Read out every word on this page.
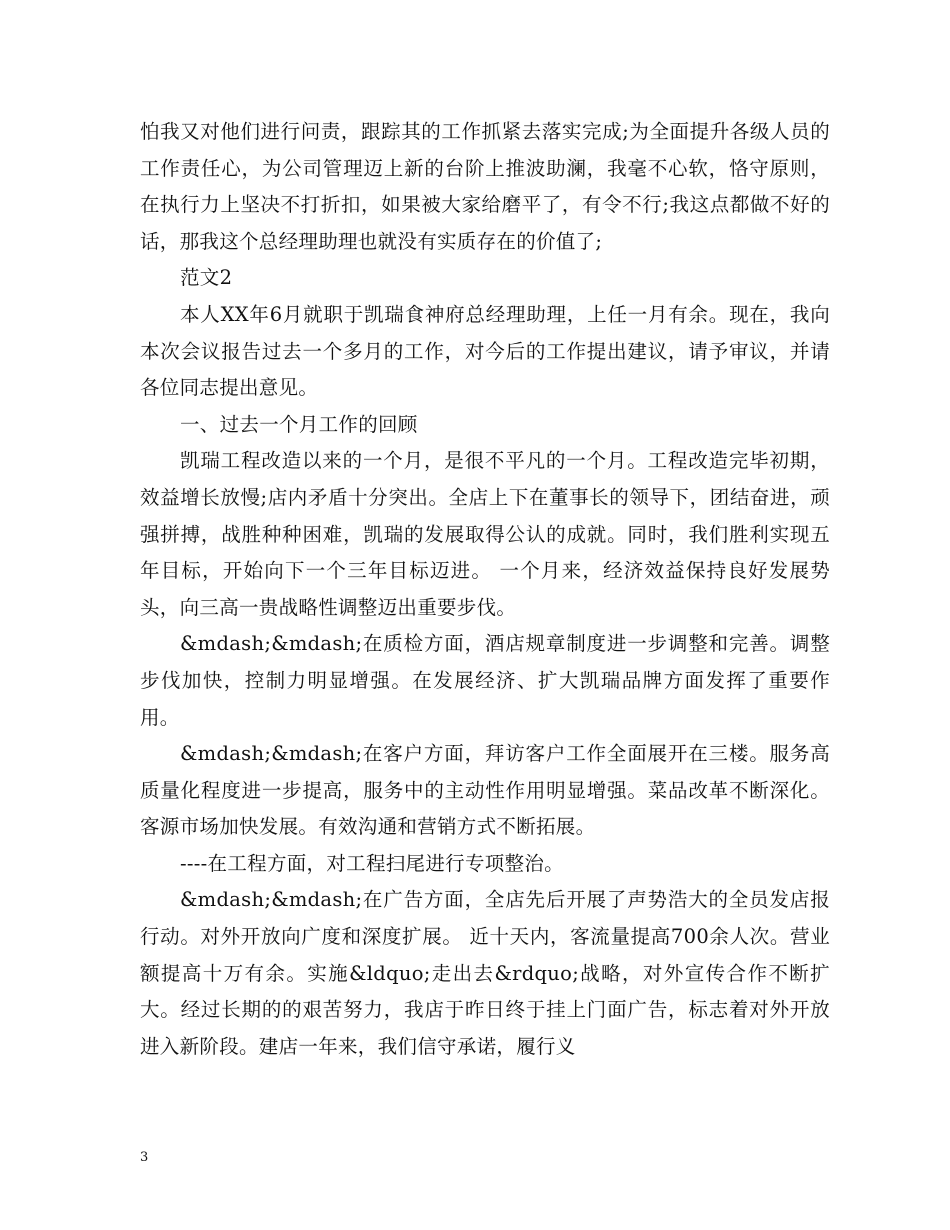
怕我又对他们进行问责，跟踪其的工作抓紧去落实完成;为全面提升各级人员的工作责任心，为公司管理迈上新的台阶上推波助澜，我毫不心软，恪守原则，在执行力上坚决不打折扣，如果被大家给磨平了，有令不行;我这点都做不好的话，那我这个总经理助理也就没有实质存在的价值了;

范文2

本人XX年6月就职于凯瑞食神府总经理助理，上任一月有余。现在，我向本次会议报告过去一个多月的工作，对今后的工作提出建议，请予审议，并请各位同志提出意见。

一、过去一个月工作的回顾

凯瑞工程改造以来的一个月，是很不平凡的一个月。工程改造完毕初期，效益增长放慢;店内矛盾十分突出。全店上下在董事长的领导下，团结奋进，顽强拼搏，战胜种种困难，凯瑞的发展取得公认的成就。同时，我们胜利实现五年目标，开始向下一个三年目标迈进。 一个月来，经济效益保持良好发展势头，向三高一贵战略性调整迈出重要步伐。

&mdash;&mdash;在质检方面，酒店规章制度进一步调整和完善。调整步伐加快，控制力明显增强。在发展经济、扩大凯瑞品牌方面发挥了重要作用。

&mdash;&mdash;在客户方面，拜访客户工作全面展开在三楼。服务高质量化程度进一步提高，服务中的主动性作用明显增强。菜品改革不断深化。客源市场加快发展。有效沟通和营销方式不断拓展。

----在工程方面，对工程扫尾进行专项整治。

&mdash;&mdash;在广告方面，全店先后开展了声势浩大的全员发店报行动。对外开放向广度和深度扩展。 近十天内，客流量提高700余人次。营业额提高十万有余。实施&ldquo;走出去&rdquo;战略，对外宣传合作不断扩大。经过长期的的艰苦努力，我店于昨日终于挂上门面广告，标志着对外开放进入新阶段。建店一年来，我们信守承诺，履行义

3
